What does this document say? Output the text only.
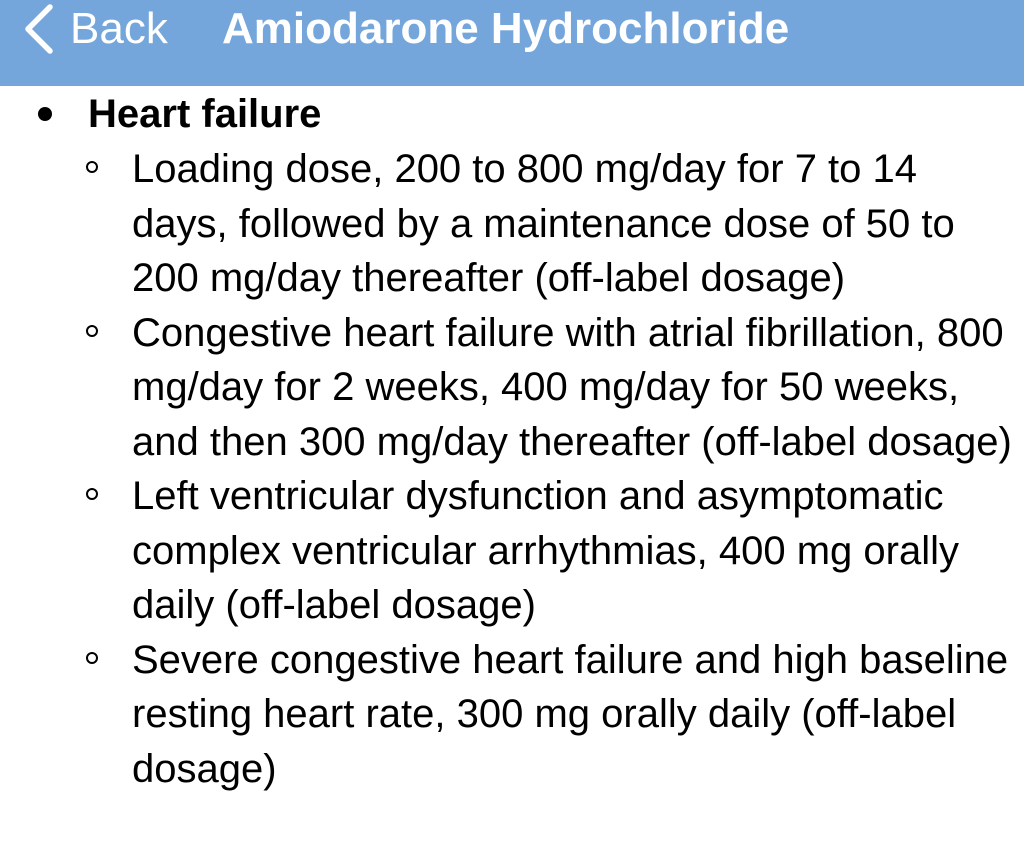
Back Amiodarone Hydrochloride
Heart failure
Loading dose, 200 to 800 mg/day for 7 to 14 days, followed by a maintenance dose of 50 to 200 mg/day thereafter (off-label dosage)
Congestive heart failure with atrial fibrillation, 800 mg/day for 2 weeks, 400 mg/day for 50 weeks, and then 300 mg/day thereafter (off-label dosage)
Left ventricular dysfunction and asymptomatic complex ventricular arrhythmias, 400 mg orally daily (off-label dosage)
Severe congestive heart failure and high baseline resting heart rate, 300 mg orally daily (off-label dosage)
